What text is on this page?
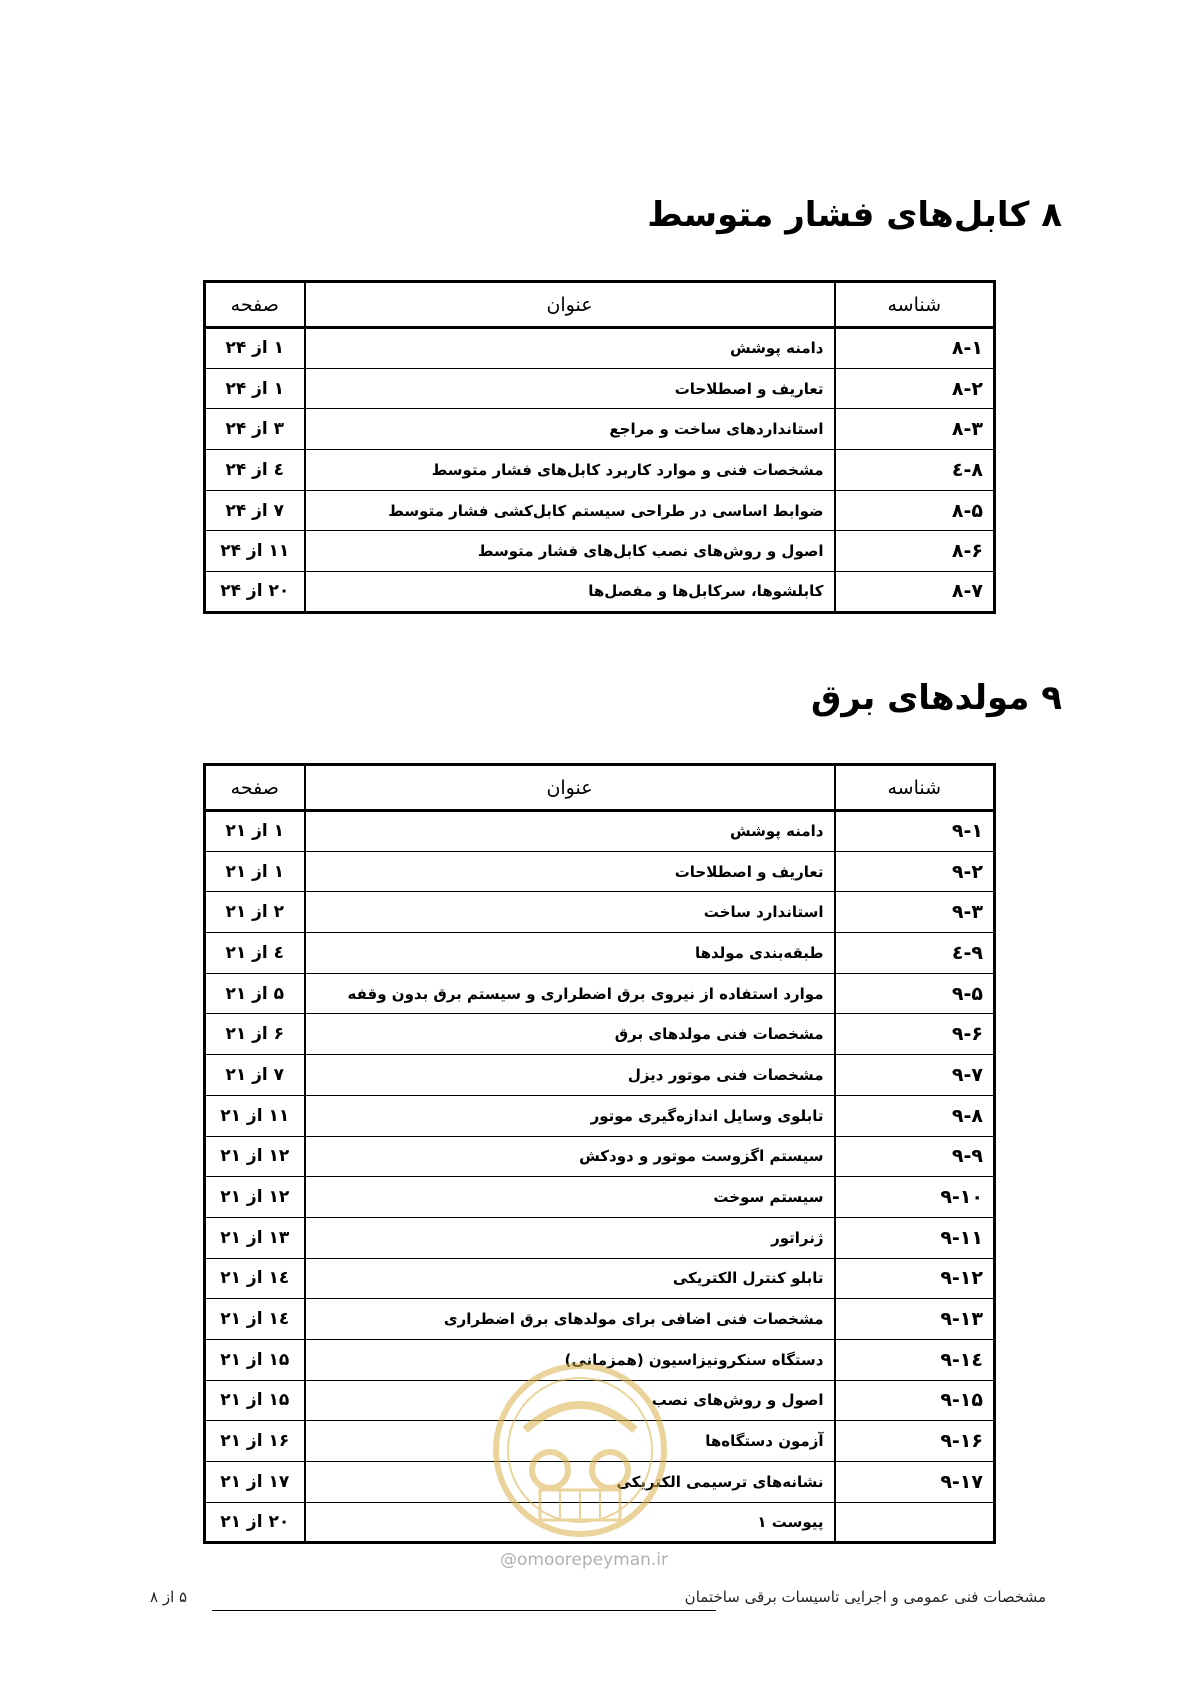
۸ کابل‌های فشار متوسط
شناسه	عنوان	صفحه
۸-۱	دامنه پوشش	۱ از ۲۴
۸-۲	تعاریف و اصطلاحات	۱ از ۲۴
۸-۳	استانداردهای ساخت و مراجع	۳ از ۲۴
۸-٤	مشخصات فنی و موارد کاربرد کابل‌های فشار متوسط	٤ از ۲۴
۸-۵	ضوابط اساسی در طراحی سیستم کابل‌کشی فشار متوسط	۷ از ۲۴
۸-۶	اصول و روش‌های نصب کابل‌های فشار متوسط	۱۱ از ۲۴
۸-۷	کابلشوها، سرکابل‌ها و مفصل‌ها	۲۰ از ۲۴
۹ مولدهای برق
شناسه	عنوان	صفحه
۹-۱	دامنه پوشش	۱ از ۲۱
۹-۲	تعاریف و اصطلاحات	۱ از ۲۱
۹-۳	استاندارد ساخت	۲ از ۲۱
۹-٤	طبقه‌بندی مولدها	٤ از ۲۱
۹-۵	موارد استفاده از نیروی برق اضطراری و سیستم برق بدون وقفه	۵ از ۲۱
۹-۶	مشخصات فنی مولدهای برق	۶ از ۲۱
۹-۷	مشخصات فنی موتور دیزل	۷ از ۲۱
۹-۸	تابلوی وسایل اندازه‌گیری موتور	۱۱ از ۲۱
۹-۹	سیستم اگزوست موتور و دودکش	۱۲ از ۲۱
۹-۱۰	سیستم سوخت	۱۲ از ۲۱
۹-۱۱	ژنراتور	۱۳ از ۲۱
۹-۱۲	تابلو کنترل الکتریکی	۱٤ از ۲۱
۹-۱۳	مشخصات فنی اضافی برای مولدهای برق اضطراری	۱٤ از ۲۱
۹-۱٤	دستگاه سنکرونیزاسیون (همزمانی)	۱۵ از ۲۱
۹-۱۵	اصول و روش‌های نصب	۱۵ از ۲۱
۹-۱۶	آزمون دستگاه‌ها	۱۶ از ۲۱
۹-۱۷	نشانه‌های ترسیمی الکتریکی	۱۷ از ۲۱
	پیوست ۱	۲۰ از ۲۱
@omoorepeyman.ir
مشخصات فنی عمومی و اجرایی تاسیسات برقی ساختمان
۵ از ۸
